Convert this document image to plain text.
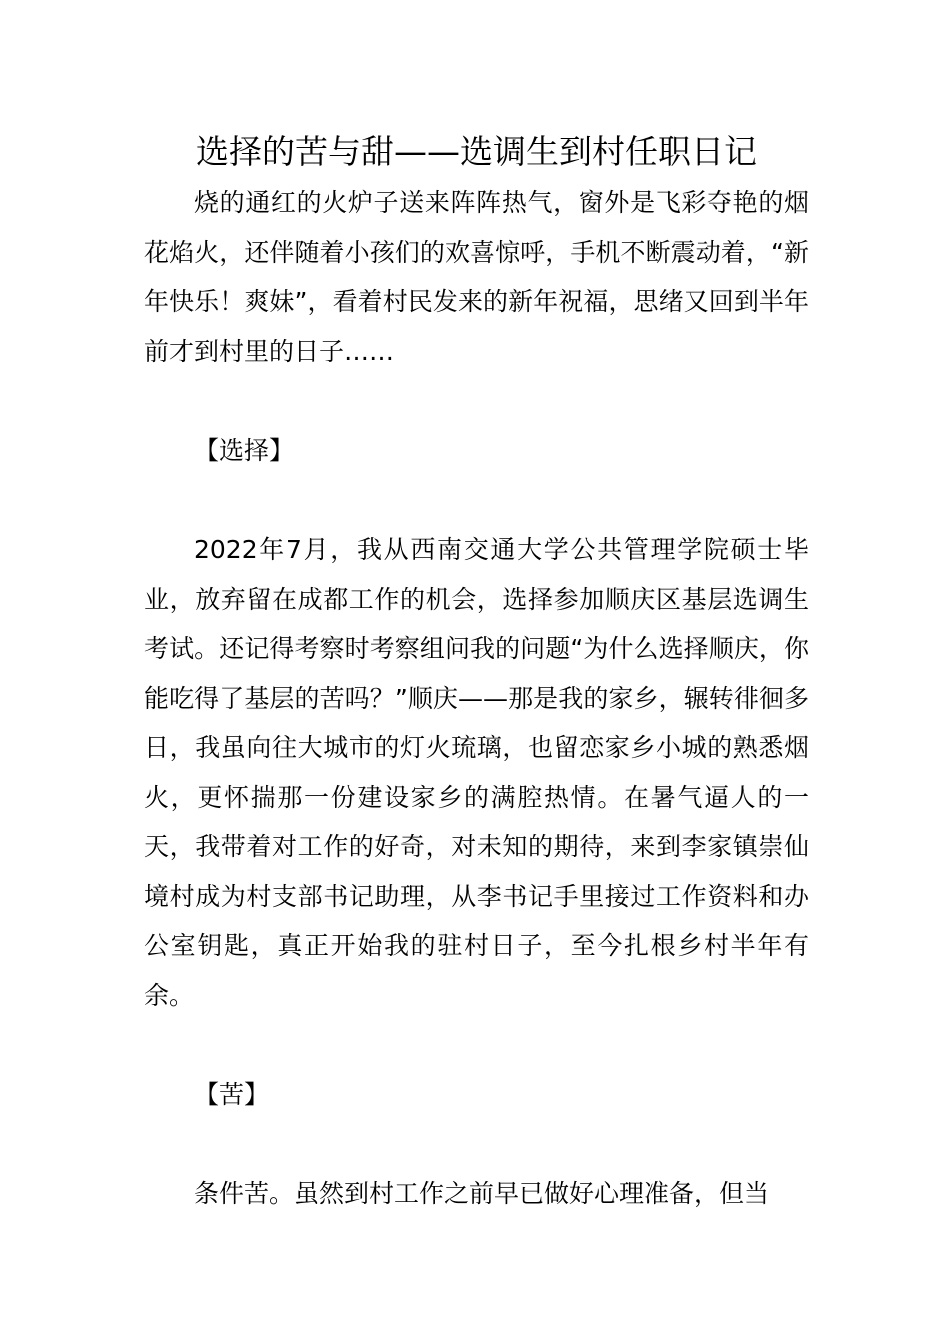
选择的苦与甜——选调生到村任职日记

烧的通红的火炉子送来阵阵热气，窗外是飞彩夺艳的烟花焰火，还伴随着小孩们的欢喜惊呼，手机不断震动着，“新年快乐！爽妹”，看着村民发来的新年祝福，思绪又回到半年前才到村里的日子……

【选择】

2022年7月，我从西南交通大学公共管理学院硕士毕业，放弃留在成都工作的机会，选择参加顺庆区基层选调生考试。还记得考察时考察组问我的问题“为什么选择顺庆，你能吃得了基层的苦吗？”顺庆——那是我的家乡，辗转徘徊多日，我虽向往大城市的灯火琉璃，也留恋家乡小城的熟悉烟火，更怀揣那一份建设家乡的满腔热情。在暑气逼人的一天，我带着对工作的好奇，对未知的期待，来到李家镇崇仙境村成为村支部书记助理，从李书记手里接过工作资料和办公室钥匙，真正开始我的驻村日子，至今扎根乡村半年有余。

【苦】

条件苦。虽然到村工作之前早已做好心理准备，但当
